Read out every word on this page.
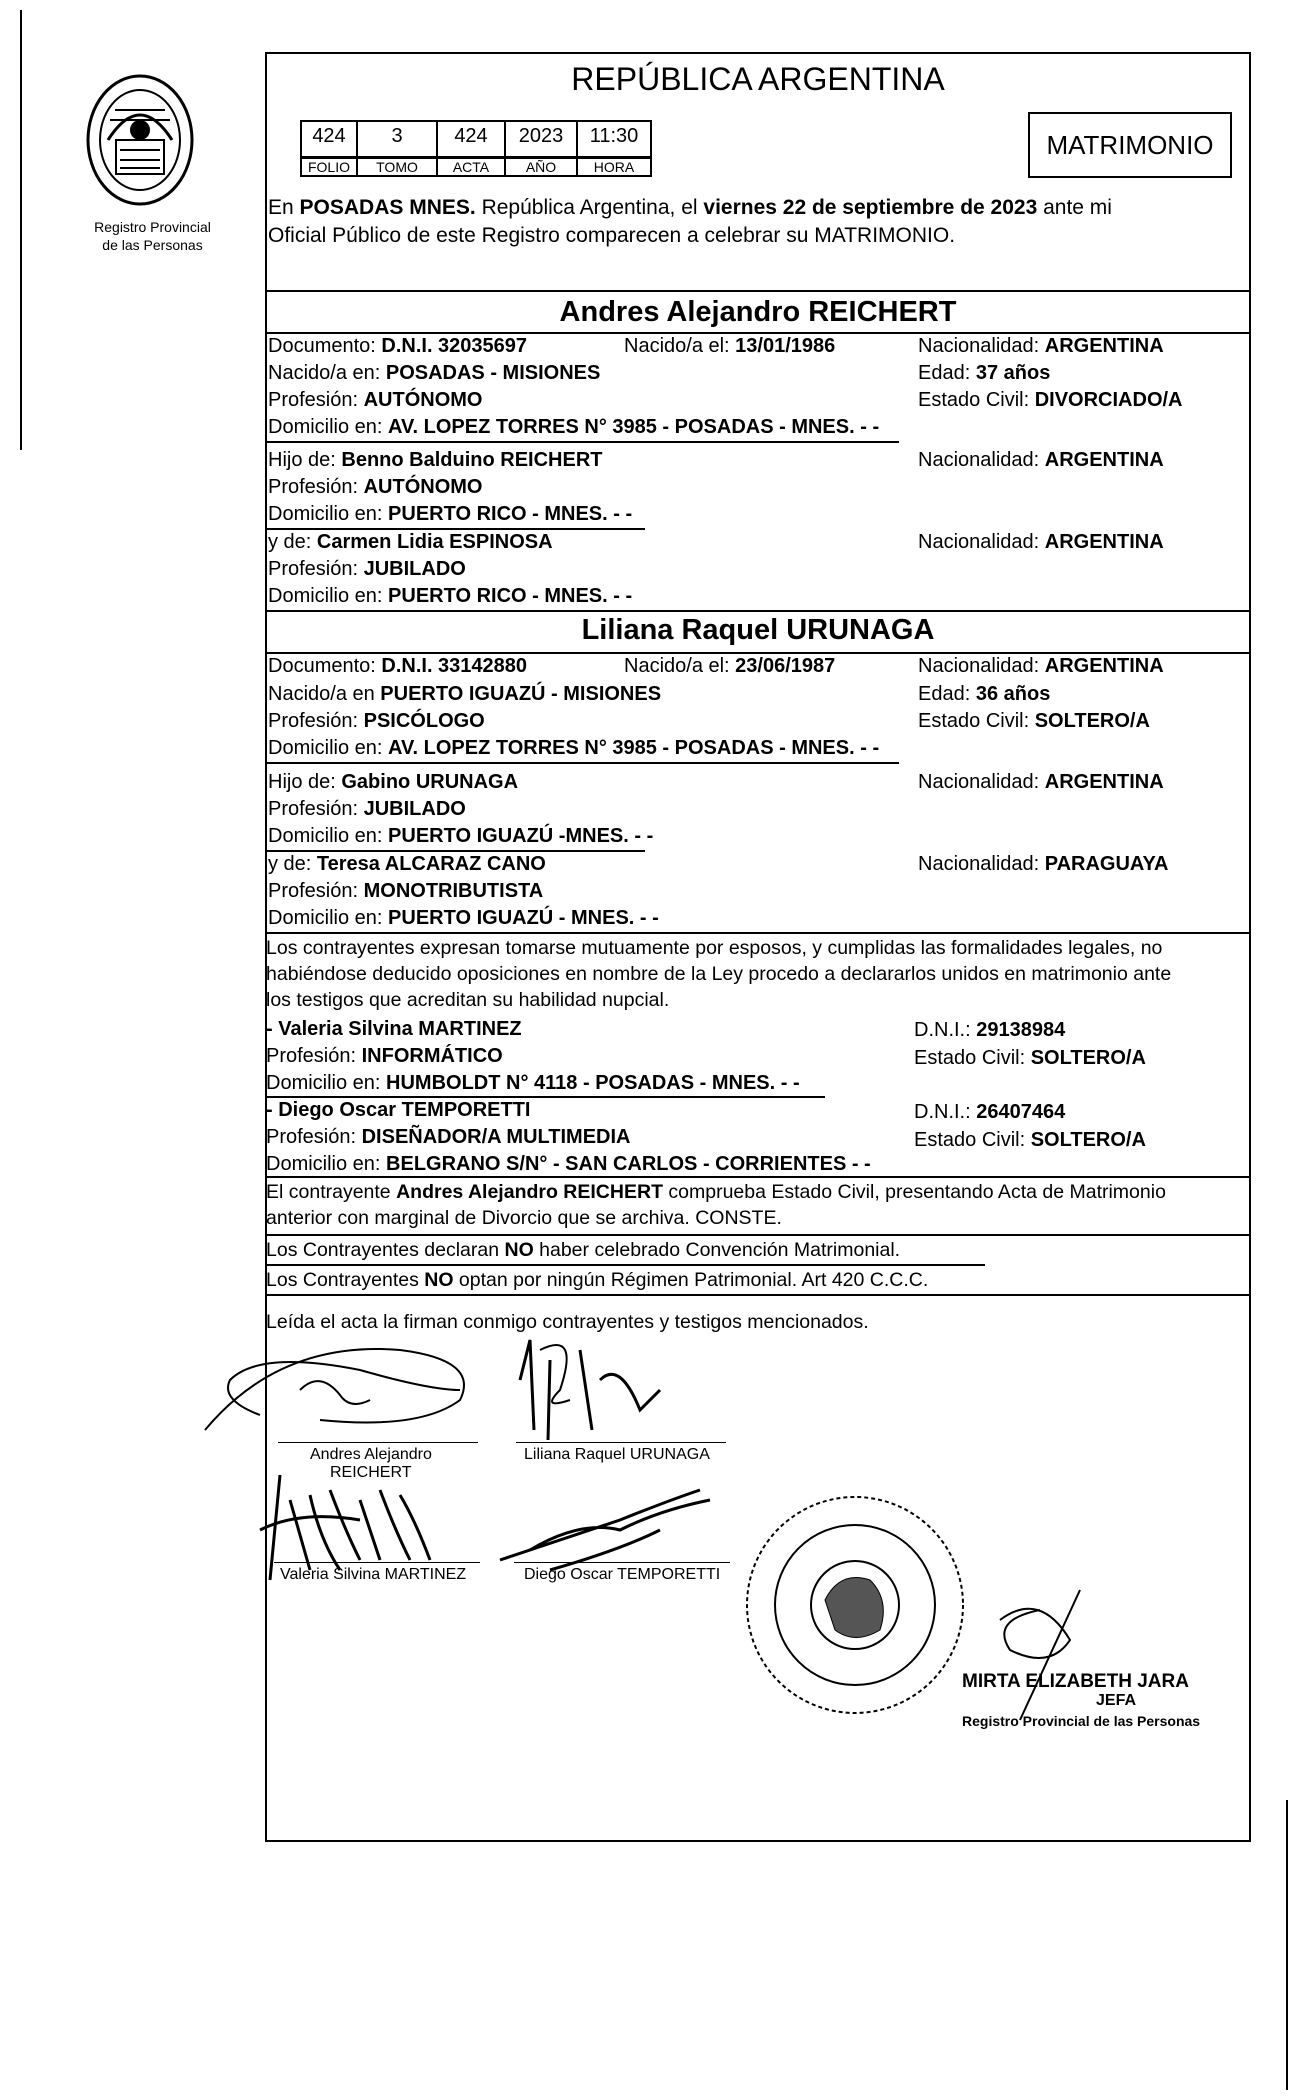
Registro Provincial
de las Personas
REPÚBLICA ARGENTINA
424	3	424	2023	11:30
FOLIO	TOMO	ACTA	AÑO	HORA
MATRIMONIO
En POSADAS MNES. República Argentina, el viernes 22 de septiembre de 2023 ante mi
Oficial Público de este Registro comparecen a celebrar su MATRIMONIO.
Andres Alejandro REICHERT
Documento: D.N.I. 32035697	Nacido/a el: 13/01/1986	Nacionalidad: ARGENTINA
Nacido/a en: POSADAS - MISIONES	Edad: 37 años
Profesión: AUTÓNOMO	Estado Civil: DIVORCIADO/A
Domicilio en: AV. LOPEZ TORRES N° 3985 - POSADAS - MNES. - -
Hijo de: Benno Balduino REICHERT	Nacionalidad: ARGENTINA
Profesión: AUTÓNOMO
Domicilio en: PUERTO RICO - MNES. - -
y de: Carmen Lidia ESPINOSA	Nacionalidad: ARGENTINA
Profesión: JUBILADO
Domicilio en: PUERTO RICO - MNES. - -
Liliana Raquel URUNAGA
Documento: D.N.I. 33142880	Nacido/a el: 23/06/1987	Nacionalidad: ARGENTINA
Nacido/a en PUERTO IGUAZÚ - MISIONES	Edad: 36 años
Profesión: PSICÓLOGO	Estado Civil: SOLTERO/A
Domicilio en: AV. LOPEZ TORRES N° 3985 - POSADAS - MNES. - -
Hijo de: Gabino URUNAGA	Nacionalidad: ARGENTINA
Profesión: JUBILADO
Domicilio en: PUERTO IGUAZÚ -MNES. - -
y de: Teresa ALCARAZ CANO	Nacionalidad: PARAGUAYA
Profesión: MONOTRIBUTISTA
Domicilio en: PUERTO IGUAZÚ - MNES. - -
Los contrayentes expresan tomarse mutuamente por esposos, y cumplidas las formalidades legales, no
habiéndose deducido oposiciones en nombre de la Ley procedo a declararlos unidos en matrimonio ante
los testigos que acreditan su habilidad nupcial.
- Valeria Silvina MARTINEZ	D.N.I.: 29138984
Profesión: INFORMÁTICO	Estado Civil: SOLTERO/A
Domicilio en: HUMBOLDT N° 4118 - POSADAS - MNES. - -
- Diego Oscar TEMPORETTI	D.N.I.: 26407464
Profesión: DISEÑADOR/A MULTIMEDIA	Estado Civil: SOLTERO/A
Domicilio en: BELGRANO S/N° - SAN CARLOS - CORRIENTES - -
El contrayente Andres Alejandro REICHERT comprueba Estado Civil, presentando Acta de Matrimonio
anterior con marginal de Divorcio que se archiva. CONSTE.
Los Contrayentes declaran NO haber celebrado Convención Matrimonial.
Los Contrayentes NO optan por ningún Régimen Patrimonial. Art 420 C.C.C.
Leída el acta la firman conmigo contrayentes y testigos mencionados.
Andres Alejandro
REICHERT
Liliana Raquel URUNAGA
Valeria Silvina MARTINEZ	Diego Oscar TEMPORETTI
MIRTA ELIZABETH JARA
JEFA
Registro Provincial de las Personas
